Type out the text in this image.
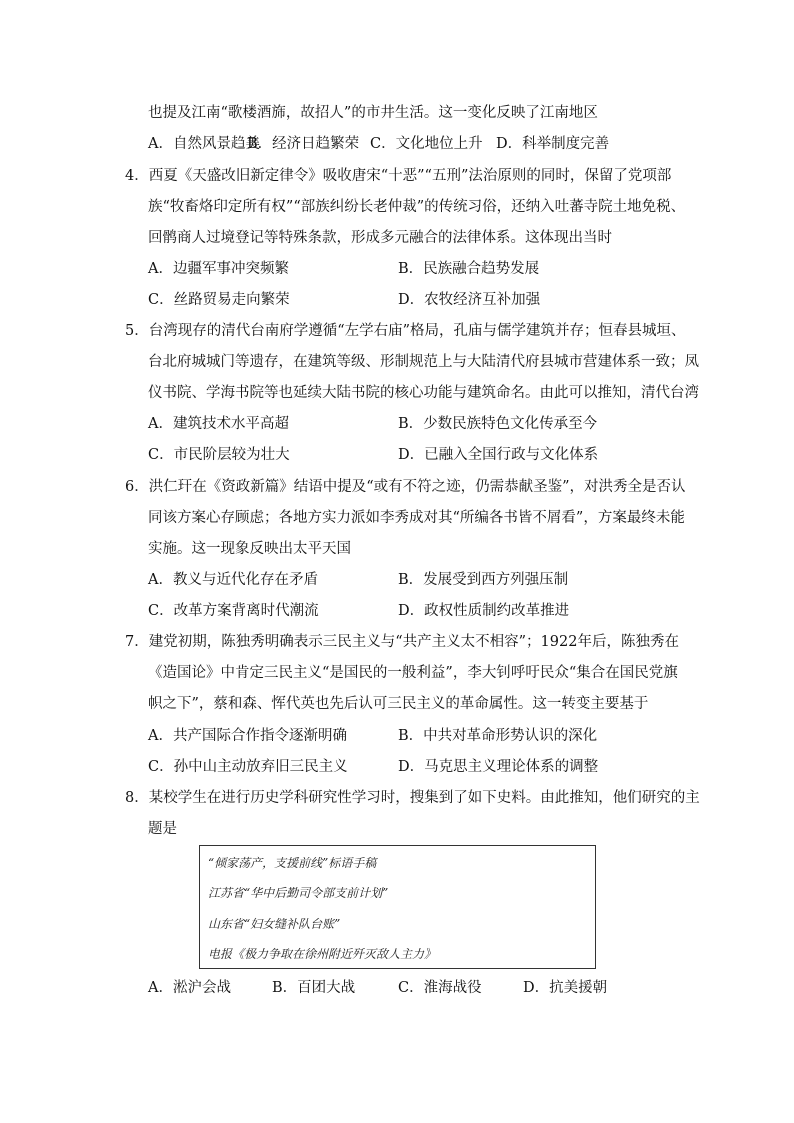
也提及江南“歌楼酒旆，故招人”的市井生活。这一变化反映了江南地区
A．自然风景趋美
B．经济日趋繁荣 C．文化地位上升 D．科举制度完善
4．西夏《天盛改旧新定律令》吸收唐宋“十恶”“五刑”法治原则的同时，保留了党项部
族“牧畜烙印定所有权”“部族纠纷长老仲裁”的传统习俗，还纳入吐蕃寺院土地免税、
回鹘商人过境登记等特殊条款，形成多元融合的法律体系。这体现出当时
A．边疆军事冲突频繁	B．民族融合趋势发展
C．丝路贸易走向繁荣	D．农牧经济互补加强
5．台湾现存的清代台南府学遵循“左学右庙”格局，孔庙与儒学建筑并存；恒春县城垣、
台北府城城门等遗存，在建筑等级、形制规范上与大陆清代府县城市营建体系一致；凤
仪书院、学海书院等也延续大陆书院的核心功能与建筑命名。由此可以推知，清代台湾
A．建筑技术水平高超	B．少数民族特色文化传承至今
C．市民阶层较为壮大	D．已融入全国行政与文化体系
6．洪仁玕在《资政新篇》结语中提及“或有不符之迹，仍需恭献圣鉴”，对洪秀全是否认
同该方案心存顾虑；各地方实力派如李秀成对其“所编各书皆不屑看”，方案最终未能
实施。这一现象反映出太平天国
A．教义与近代化存在矛盾	B．发展受到西方列强压制
C．改革方案背离时代潮流	D．政权性质制约改革推进
7．建党初期，陈独秀明确表示三民主义与“共产主义太不相容”；1922年后，陈独秀在
《造国论》中肯定三民主义“是国民的一般利益”，李大钊呼吁民众“集合在国民党旗
帜之下”，蔡和森、恽代英也先后认可三民主义的革命属性。这一转变主要基于
A．共产国际合作指令逐渐明确	B．中共对革命形势认识的深化
C．孙中山主动放弃旧三民主义	D．马克思主义理论体系的调整
8．某校学生在进行历史学科研究性学习时，搜集到了如下史料。由此推知，他们研究的主
题是
“倾家荡产，支援前线”标语手稿
江苏省“华中后勤司令部支前计划”
山东省“妇女缝补队台账”
电报《极力争取在徐州附近歼灭敌人主力》
A．淞沪会战	B．百团大战	C．淮海战役	D．抗美援朝
